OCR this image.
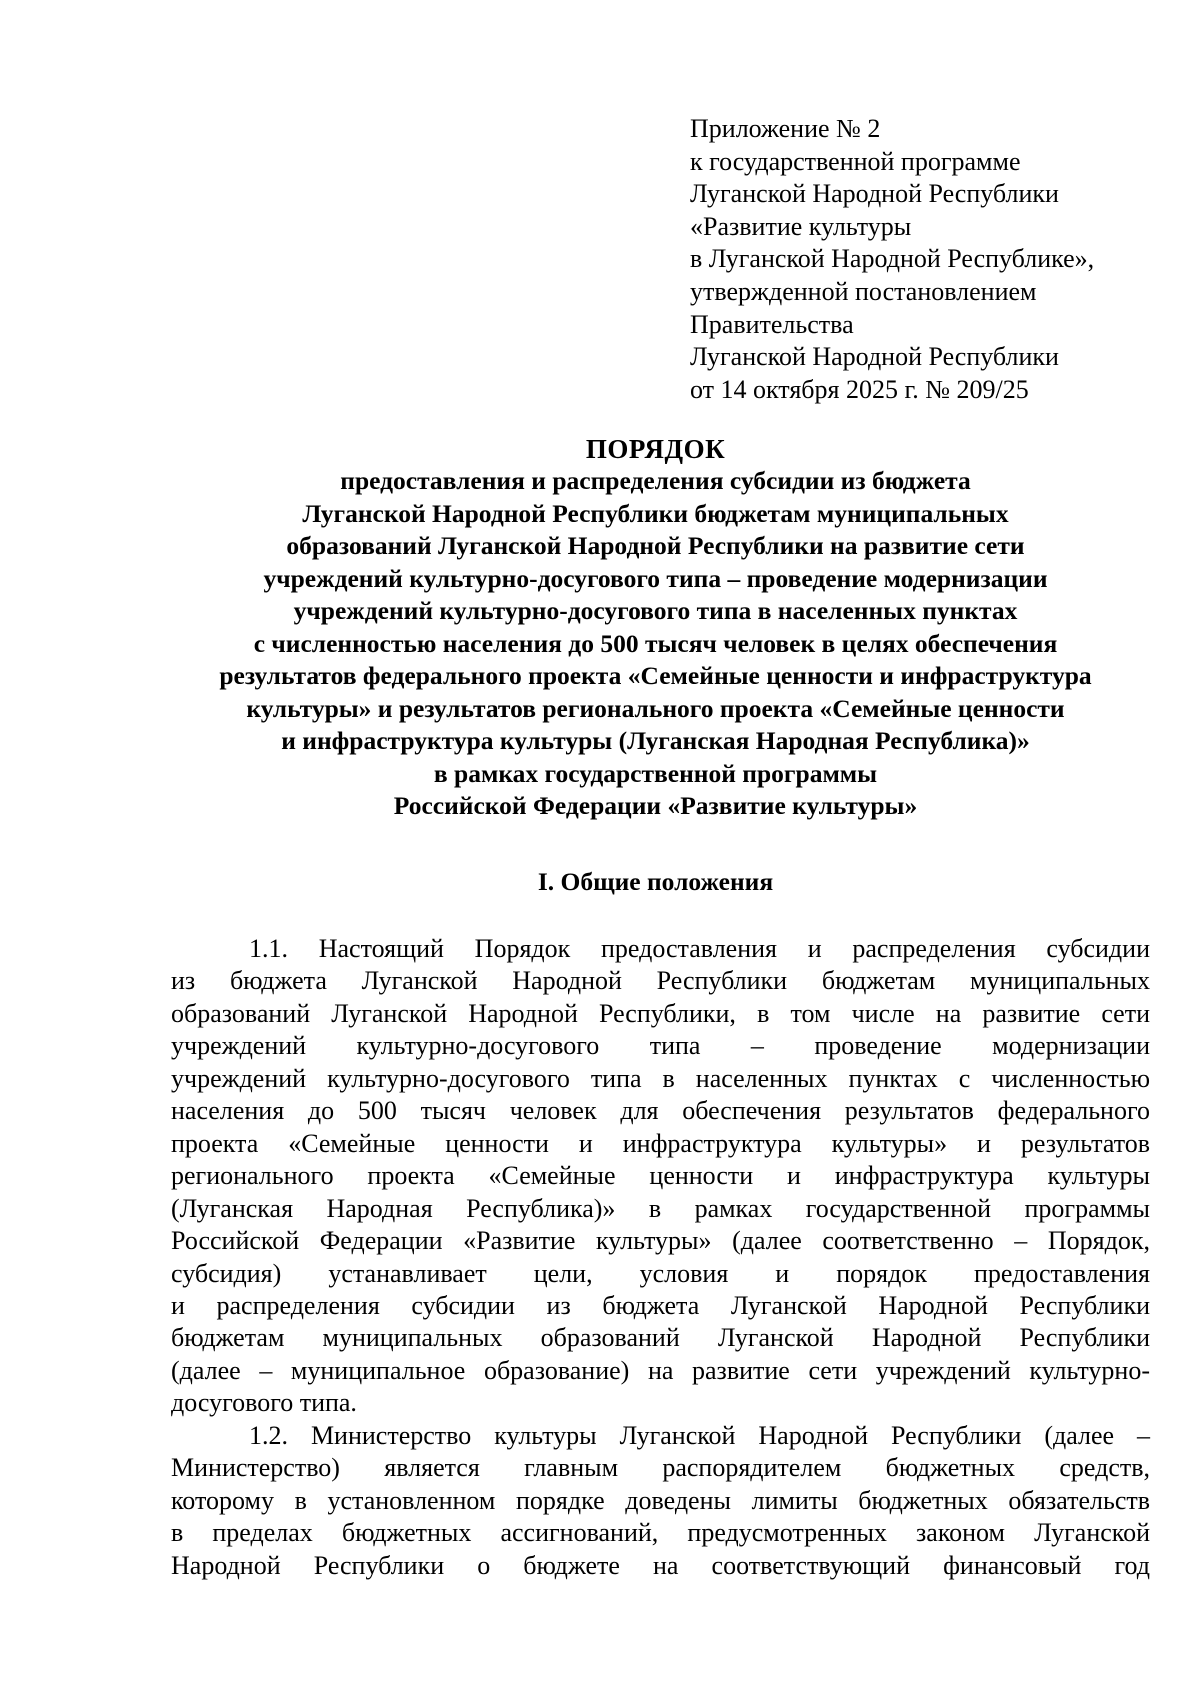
Приложение № 2
к государственной программе
Луганской Народной Республики
«Развитие культуры
в Луганской Народной Республике»,
утвержденной постановлением
Правительства
Луганской Народной Республики
от 14 октября 2025 г. № 209/25
ПОРЯДОК
предоставления и распределения субсидии из бюджета
Луганской Народной Республики бюджетам муниципальных
образований Луганской Народной Республики на развитие сети
учреждений культурно-досугового типа – проведение модернизации
учреждений культурно-досугового типа в населенных пунктах
с численностью населения до 500 тысяч человек в целях обеспечения
результатов федерального проекта «Семейные ценности и инфраструктура
культуры» и результатов регионального проекта «Семейные ценности
и инфраструктура культуры (Луганская Народная Республика)»
в рамках государственной программы
Российской Федерации «Развитие культуры»
I. Общие положения
1.1. Настоящий Порядок предоставления и распределения субсидии
из бюджета Луганской Народной Республики бюджетам муниципальных
образований Луганской Народной Республики, в том числе на развитие сети
учреждений культурно-досугового типа – проведение модернизации
учреждений культурно-досугового типа в населенных пунктах с численностью
населения до 500 тысяч человек для обеспечения результатов федерального
проекта «Семейные ценности и инфраструктура культуры» и результатов
регионального проекта «Семейные ценности и инфраструктура культуры
(Луганская Народная Республика)» в рамках государственной программы
Российской Федерации «Развитие культуры» (далее соответственно – Порядок,
субсидия) устанавливает цели, условия и порядок предоставления
и распределения субсидии из бюджета Луганской Народной Республики
бюджетам муниципальных образований Луганской Народной Республики
(далее – муниципальное образование) на развитие сети учреждений культурно-
досугового типа.
1.2. Министерство культуры Луганской Народной Республики (далее –
Министерство) является главным распорядителем бюджетных средств,
которому в установленном порядке доведены лимиты бюджетных обязательств
в пределах бюджетных ассигнований, предусмотренных законом Луганской
Народной Республики о бюджете на соответствующий финансовый год
